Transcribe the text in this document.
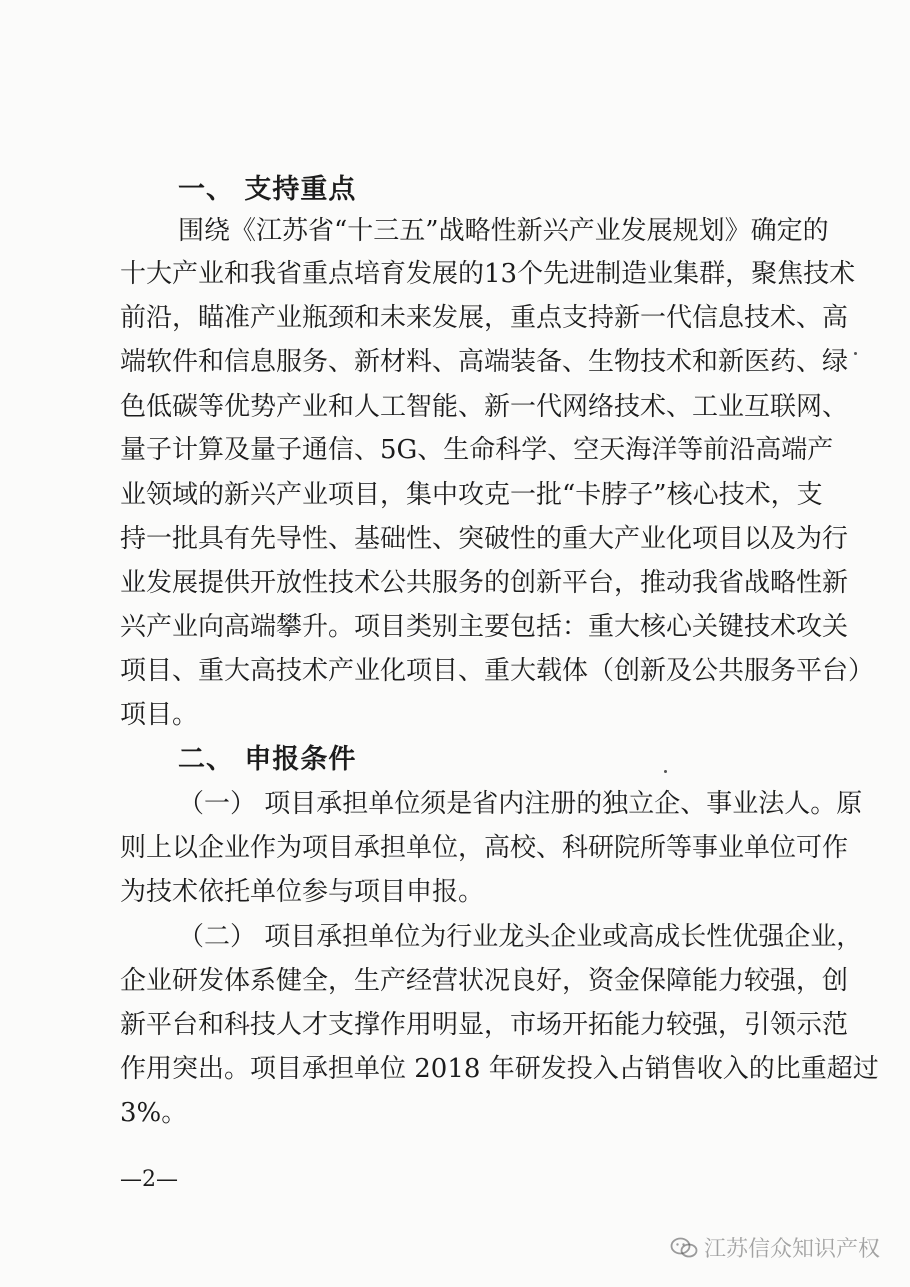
一、 支持重点
围绕《江苏省“十三五”战略性新兴产业发展规划》确定的
十大产业和我省重点培育发展的13个先进制造业集群，聚焦技术
前沿，瞄准产业瓶颈和未来发展，重点支持新一代信息技术、高
端软件和信息服务、新材料、高端装备、生物技术和新医药、绿
色低碳等优势产业和人工智能、新一代网络技术、工业互联网、
量子计算及量子通信、5G、生命科学、空天海洋等前沿高端产
业领域的新兴产业项目，集中攻克一批“卡脖子”核心技术，支
持一批具有先导性、基础性、突破性的重大产业化项目以及为行
业发展提供开放性技术公共服务的创新平台，推动我省战略性新
兴产业向高端攀升。项目类别主要包括：重大核心关键技术攻关
项目、重大高技术产业化项目、重大载体（创新及公共服务平台）
项目。
二、 申报条件
（一） 项目承担单位须是省内注册的独立企、事业法人。原
则上以企业作为项目承担单位，高校、科研院所等事业单位可作
为技术依托单位参与项目申报。
（二） 项目承担单位为行业龙头企业或高成长性优强企业，
企业研发体系健全，生产经营状况良好，资金保障能力较强，创
新平台和科技人才支撑作用明显，市场开拓能力较强，引领示范
作用突出。项目承担单位 2018 年研发投入占销售收入的比重超过
3%。
—2—
江苏信众知识产权
